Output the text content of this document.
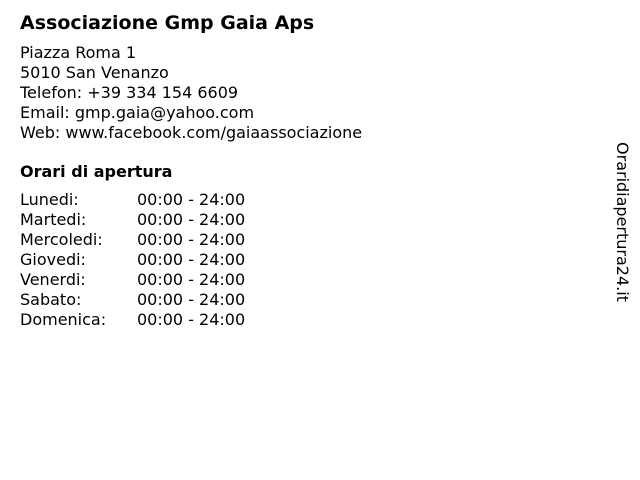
Associazione Gmp Gaia Aps
Piazza Roma 1
5010 San Venanzo
Telefon: +39 334 154 6609
Email: gmp.gaia@yahoo.com
Web: www.facebook.com/gaiaassociazione
Orari di apertura
Lunedi:	00:00 - 24:00
Martedi:	00:00 - 24:00
Mercoledi:	00:00 - 24:00
Giovedi:	00:00 - 24:00
Venerdi:	00:00 - 24:00
Sabato:	00:00 - 24:00
Domenica:	00:00 - 24:00
Oraridiapertura24.it
